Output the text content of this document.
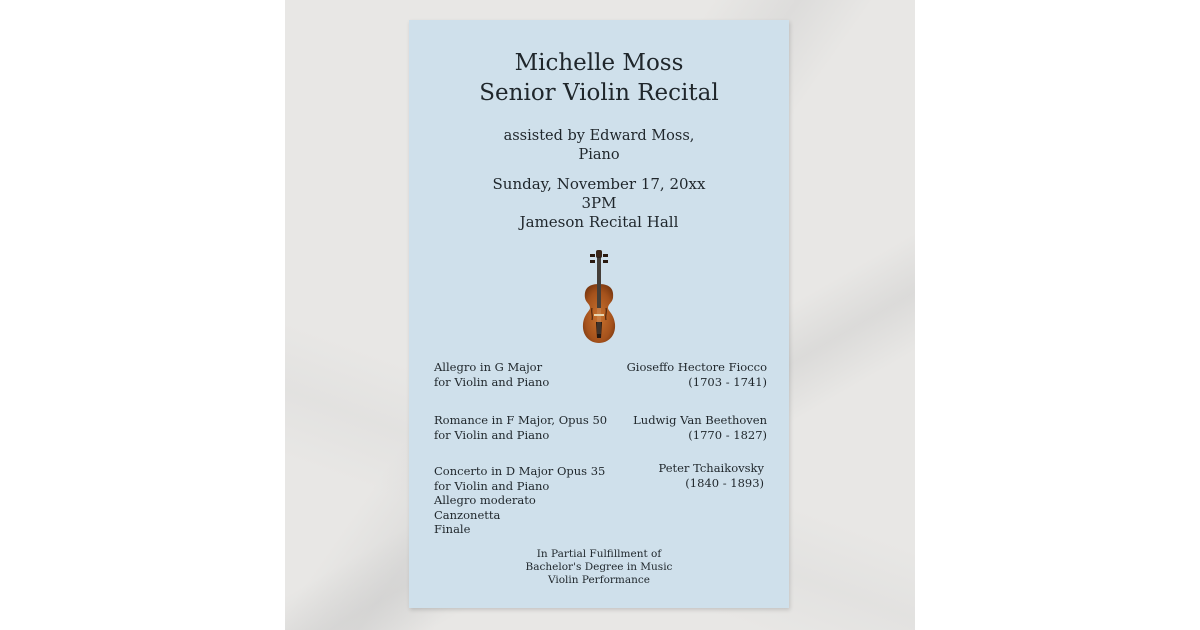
Michelle Moss
Senior Violin Recital
assisted by Edward Moss,
Piano
Sunday, November 17, 20xx
3PM
Jameson Recital Hall
Allegro in G Major
for Violin and Piano
Gioseffo Hectore Fiocco
(1703 - 1741)
Romance in F Major, Opus 50
for Violin and Piano
Ludwig Van Beethoven
(1770 - 1827)
Concerto in D Major Opus 35
for Violin and Piano
Allegro moderato
Canzonetta
Finale
Peter Tchaikovsky
(1840 - 1893)
In Partial Fulfillment of
Bachelor's Degree in Music
Violin Performance
